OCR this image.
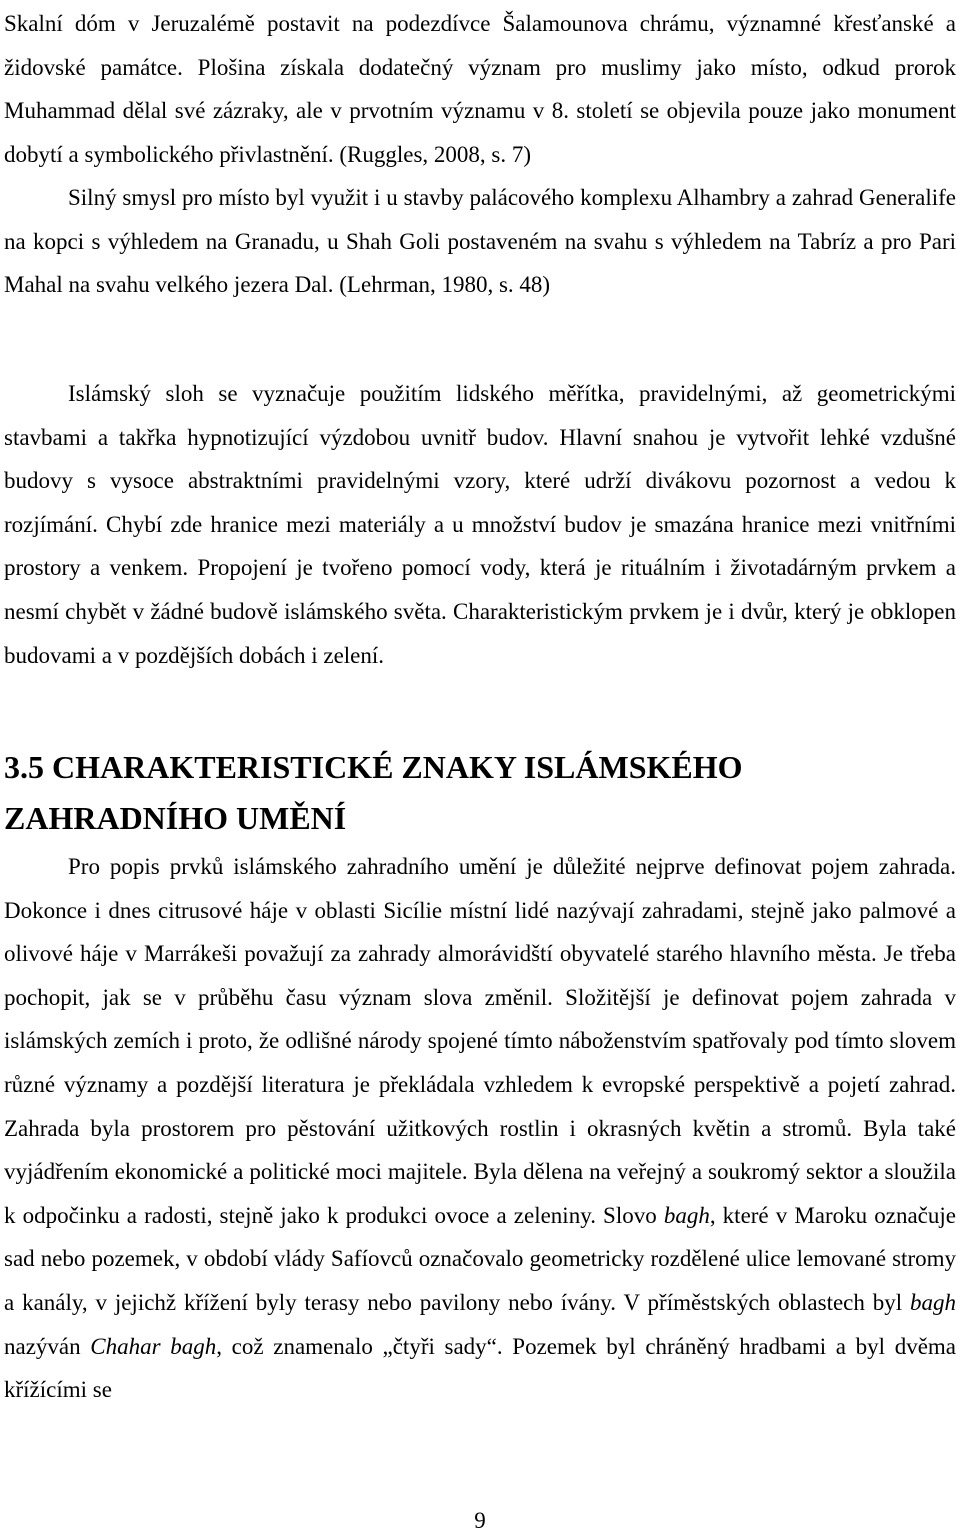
Skalní dóm v Jeruzalémě postavit na podezdívce Šalamounova chrámu, významné křesťanské a židovské památce. Plošina získala dodatečný význam pro muslimy jako místo, odkud prorok Muhammad dělal své zázraky, ale v prvotním významu v 8. století se objevila pouze jako monument dobytí a symbolického přivlastnění. (Ruggles, 2008, s. 7)

Silný smysl pro místo byl využit i u stavby palácového komplexu Alhambry a zahrad Generalife na kopci s výhledem na Granadu, u Shah Goli postaveném na svahu s výhledem na Tabríz a pro Pari Mahal na svahu velkého jezera Dal. (Lehrman, 1980, s. 48)

Islámský sloh se vyznačuje použitím lidského měřítka, pravidelnými, až geometrickými stavbami a takřka hypnotizující výzdobou uvnitř budov. Hlavní snahou je vytvořit lehké vzdušné budovy s vysoce abstraktními pravidelnými vzory, které udrží divákovu pozornost a vedou k rozjímání. Chybí zde hranice mezi materiály a u množství budov je smazána hranice mezi vnitřními prostory a venkem. Propojení je tvořeno pomocí vody, která je rituálním i životadárným prvkem a nesmí chybět v žádné budově islámského světa. Charakteristickým prvkem je i dvůr, který je obklopen budovami a v pozdějších dobách i zelení.

3.5 CHARAKTERISTICKÉ ZNAKY ISLÁMSKÉHO ZAHRADNÍHO UMĚNÍ

Pro popis prvků islámského zahradního umění je důležité nejprve definovat pojem zahrada. Dokonce i dnes citrusové háje v oblasti Sicílie místní lidé nazývají zahradami, stejně jako palmové a olivové háje v Marrákeši považují za zahrady almorávidští obyvatelé starého hlavního města. Je třeba pochopit, jak se v průběhu času význam slova změnil. Složitější je definovat pojem zahrada v islámských zemích i proto, že odlišné národy spojené tímto náboženstvím spatřovaly pod tímto slovem různé významy a pozdější literatura je překládala vzhledem k evropské perspektivě a pojetí zahrad. Zahrada byla prostorem pro pěstování užitkových rostlin i okrasných květin a stromů. Byla také vyjádřením ekonomické a politické moci majitele. Byla dělena na veřejný a soukromý sektor a sloužila k odpočinku a radosti, stejně jako k produkci ovoce a zeleniny. Slovo bagh, které v Maroku označuje sad nebo pozemek, v období vlády Safíovců označovalo geometricky rozdělené ulice lemované stromy a kanály, v jejichž křížení byly terasy nebo pavilony nebo ívány. V příměstských oblastech byl bagh nazýván Chahar bagh, což znamenalo „čtyři sady“. Pozemek byl chráněný hradbami a byl dvěma křížícími se

9
